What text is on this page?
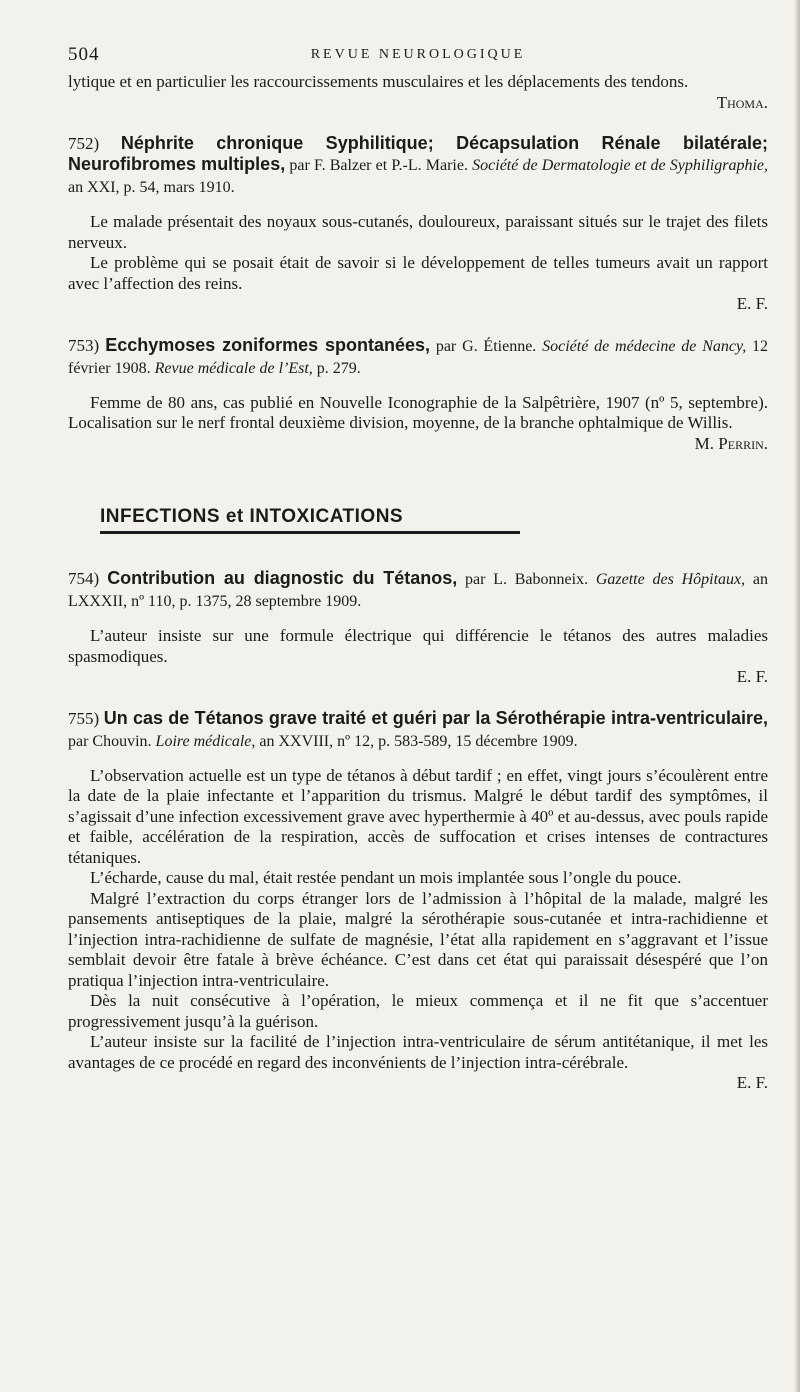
504	REVUE NEUROLOGIQUE

lytique et en particulier les raccourcissements musculaires et les déplacements des tendons.

Thoma.

752) Néphrite chronique Syphilitique; Décapsulation Rénale bilatérale; Neurofibromes multiples, par F. Balzer et P.-L. Marie. Société de Dermatologie et de Syphiligraphie, an XXI, p. 54, mars 1910.

Le malade présentait des noyaux sous-cutanés, douloureux, paraissant situés sur le trajet des filets nerveux.

Le problème qui se posait était de savoir si le développement de telles tumeurs avait un rapport avec l’affection des reins.

E. F.

753) Ecchymoses zoniformes spontanées, par G. Étienne. Société de médecine de Nancy, 12 février 1908. Revue médicale de l’Est, p. 279.

Femme de 80 ans, cas publié en Nouvelle Iconographie de la Salpêtrière, 1907 (nº 5, septembre). Localisation sur le nerf frontal deuxième division, moyenne, de la branche ophtalmique de Willis.

M. Perrin.

INFECTIONS et INTOXICATIONS
754) Contribution au diagnostic du Tétanos, par L. Babonneix. Gazette des Hôpitaux, an LXXXII, nº 110, p. 1375, 28 septembre 1909.

L’auteur insiste sur une formule électrique qui différencie le tétanos des autres maladies spasmodiques.

E. F.

755) Un cas de Tétanos grave traité et guéri par la Sérothérapie intra-ventriculaire, par Chouvin. Loire médicale, an XXVIII, nº 12, p. 583-589, 15 décembre 1909.

L’observation actuelle est un type de tétanos à début tardif ; en effet, vingt jours s’écoulèrent entre la date de la plaie infectante et l’apparition du trismus. Malgré le début tardif des symptômes, il s’agissait d’une infection excessivement grave avec hyperthermie à 40º et au-dessus, avec pouls rapide et faible, accélération de la respiration, accès de suffocation et crises intenses de contractures tétaniques.

L’écharde, cause du mal, était restée pendant un mois implantée sous l’ongle du pouce.

Malgré l’extraction du corps étranger lors de l’admission à l’hôpital de la malade, malgré les pansements antiseptiques de la plaie, malgré la sérothérapie sous-cutanée et intra-rachidienne et l’injection intra-rachidienne de sulfate de magnésie, l’état alla rapidement en s’aggravant et l’issue semblait devoir être fatale à brève échéance. C’est dans cet état qui paraissait désespéré que l’on pratiqua l’injection intra-ventriculaire.

Dès la nuit consécutive à l’opération, le mieux commença et il ne fit que s’accentuer progressivement jusqu’à la guérison.

L’auteur insiste sur la facilité de l’injection intra-ventriculaire de sérum antitétanique, il met les avantages de ce procédé en regard des inconvénients de l’injection intra-cérébrale.

E. F.
